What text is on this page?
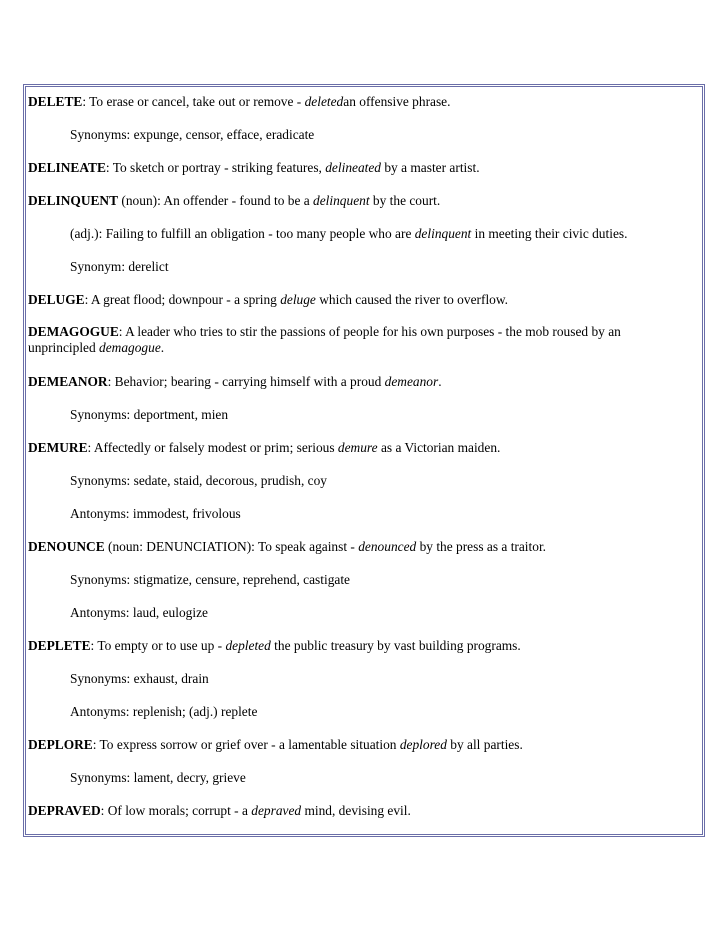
DELETE: To erase or cancel, take out or remove - deletedan offensive phrase.

Synonyms: expunge, censor, efface, eradicate

DELINEATE: To sketch or portray - striking features, delineated by a master artist.

DELINQUENT (noun): An offender - found to be a delinquent by the court.

(adj.): Failing to fulfill an obligation - too many people who are delinquent in meeting their civic duties.

Synonym: derelict

DELUGE: A great flood; downpour - a spring deluge which caused the river to overflow.

DEMAGOGUE: A leader who tries to stir the passions of people for his own purposes - the mob roused by an unprincipled demagogue.

DEMEANOR: Behavior; bearing - carrying himself with a proud demeanor.

Synonyms: deportment, mien

DEMURE: Affectedly or falsely modest or prim; serious demure as a Victorian maiden.

Synonyms: sedate, staid, decorous, prudish, coy

Antonyms: immodest, frivolous

DENOUNCE (noun: DENUNCIATION): To speak against - denounced by the press as a traitor.

Synonyms: stigmatize, censure, reprehend, castigate

Antonyms: laud, eulogize

DEPLETE: To empty or to use up - depleted the public treasury by vast building programs.

Synonyms: exhaust, drain

Antonyms: replenish; (adj.) replete

DEPLORE: To express sorrow or grief over - a lamentable situation deplored by all parties.

Synonyms: lament, decry, grieve

DEPRAVED: Of low morals; corrupt - a depraved mind, devising evil.
